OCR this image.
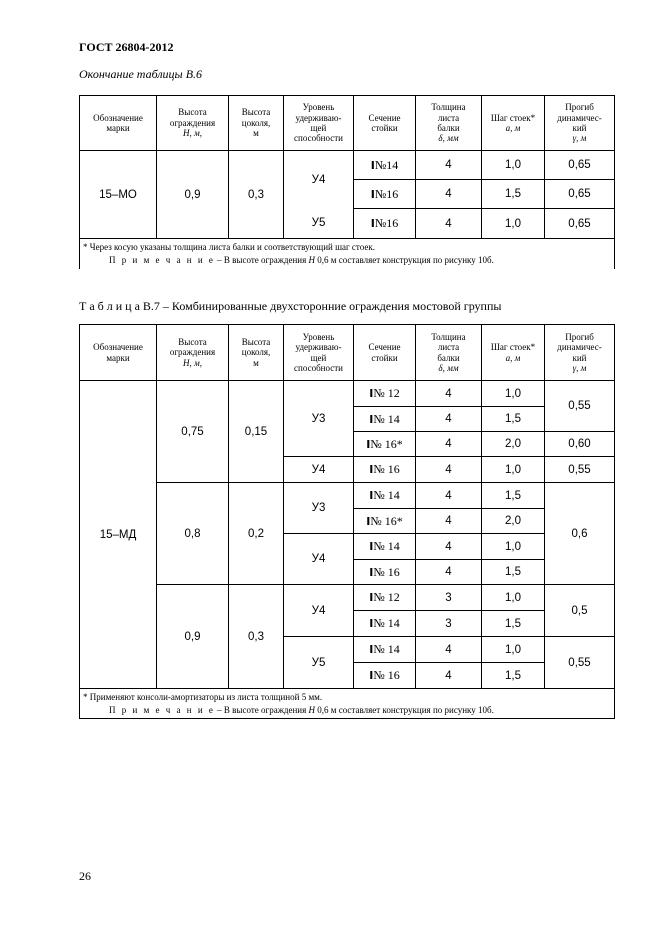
ГОСТ 26804-2012
Окончание таблицы В.6
Обозначение
марки	Высота
ограждения
H, м,	Высота
цоколя,
м	Уровень
удерживаю-
щей
способности	Сечение
стойки	Толщина
листа
балки
δ, мм	Шаг стоек*
a, м	Прогиб
динамичес-
кий
γ, м
15–МО	0,9	0,3	У4	I№14	4	1,0	0,65
				I№16	4	1,5	0,65
			У5	I№16	4	1,0	0,65
* Через косую указаны толщина листа балки и соответствующий шаг стоек.
П р и м е ч а н и е – В высоте ограждения H 0,6 м составляет конструкция по рисунку 10б.							
Т а б л и ц а В.7 – Комбинированные двухсторонние ограждения мостовой группы
Обозначение
марки	Высота
ограждения
H, м,	Высота
цоколя,
м	Уровень
удерживаю-
щей
способности	Сечение
стойки	Толщина
листа
балки
δ, мм	Шаг стоек*
a, м	Прогиб
динамичес-
кий
γ, м
15–МД	0,75	0,15	У3	I№ 12	4	1,0	0,55
				I№ 14	4	1,5	
				I№ 16*	4	2,0	0,60
			У4	I№ 16	4	1,0	0,55
	0,8	0,2	У3	I№ 14	4	1,5	0,6
				I№ 16*	4	2,0	
			У4	I№ 14	4	1,0	
				I№ 16	4	1,5	
	0,9	0,3	У4	I№ 12	3	1,0	0,5
				I№ 14	3	1,5	
			У5	I№ 14	4	1,0	0,55
				I№ 16	4	1,5	
* Применяют консоли-амортизаторы из листа толщиной 5 мм.
П р и м е ч а н и е – В высоте ограждения H 0,6 м составляет конструкция по рисунку 10б.							
26
